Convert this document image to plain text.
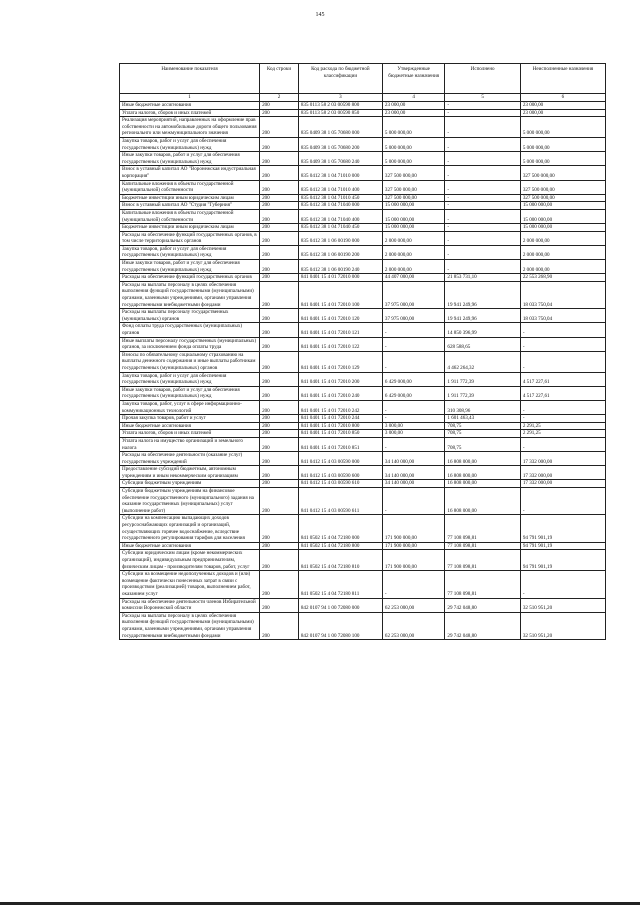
145
Наименование показателя	Код строки	Код расхода по бюджетной классификации	Утвержденные бюджетные назначения	Исполнено	Неисполненные назначения
1	2	3	4	5	6
Иные бюджетные ассигнования	200	835 0113 58 2 03 00590 800	23 000,00	-	23 000,00
Уплата налогов, сборов и иных платежей	200	835 0113 58 2 03 00590 850	23 000,00	-	23 000,00
Реализация мероприятий, направленных на оформление прав собственности на автомобильные дороги общего пользования региональнго или межмуниципального значения	200	835 0409 38 1 05 70680 000	5 000 000,00	-	5 000 000,00
Закупка товаров, работ и услуг для обеспечения государственных (муниципальных) нужд	200	835 0409 38 1 05 70680 200	5 000 000,00	-	5 000 000,00
Иные закупки товаров, работ и услуг для обеспечения государственных (муниципальных) нужд	200	835 0409 38 1 05 70680 240	5 000 000,00	-	5 000 000,00
Взнос в уставный капитал АО "Воронежская индустриальная корпорация"	200	835 0412 38 1 04 71010 000	327 500 000,00	-	327 500 000,00
Капитальные вложения в объекты государственной (муниципальной) собственности	200	835 0412 38 1 04 71010 400	327 500 000,00	-	327 500 000,00
Бюджетные инвестиции иным юридическим лицам	200	835 0412 38 1 04 71010 450	327 500 000,00	-	327 500 000,00
Взнос в уставный капитал АО "Студия "Губерния"	200	835 0412 38 1 04 71040 000	15 000 000,00	-	15 000 000,00
Капитальные вложения в объекты государственной (муниципальной) собственности	200	835 0412 38 1 04 71040 400	15 000 000,00	-	15 000 000,00
Бюджетные инвестиции иным юридическим лицам	200	835 0412 38 1 04 71040 450	15 000 000,00	-	15 000 000,00
Расходы на обеспечение функций государственных органов, в том числе территориальных органов	200	835 0412 38 1 06 00190 000	2 000 000,00	-	2 000 000,00
Закупка товаров, работ и услуг для обеспечения государственных (муниципальных) нужд	200	835 0412 38 1 06 00190 200	2 000 000,00	-	2 000 000,00
Иные закупки товаров, работ и услуг для обеспечения государственных (муниципальных) нужд	200	835 0412 38 1 06 00190 240	2 000 000,00	-	2 000 000,00
Расходы на обеспечение функций государственных органов	200	841 0401 15 4 01 72010 000	44 407 000,00	21 853 731,10	22 553 268,90
Расходы на выплаты персоналу в целях обеспечения выполнения функций государственными (муниципальными) органами, казенными учреждениями, органами управления государственными внебюджетными фондами	200	841 0401 15 4 01 72010 100	37 975 000,00	19 941 249,96	18 033 750,04
Расходы на выплаты персоналу государственных (муниципальных) органов	200	841 0401 15 4 01 72010 120	37 975 000,00	19 941 249,96	18 033 750,04
Фонд оплаты труда государственных (муниципальных) органов	200	841 0401 15 4 01 72010 121	-	14 850 396,99	-
Иные выплаты персоналу государственных (муниципальных) органов, за исключением фонда оплаты труда	200	841 0401 15 4 01 72010 122	-	628 588,65	-
Взносы по обязательному социальному страхованию на выплаты денежного содержания и иные выплаты работникам государственных (муниципальных) органов	200	841 0401 15 4 01 72010 129	-	4 462 264,32	-
Закупка товаров, работ и услуг для обеспечения государственных (муниципальных) нужд	200	841 0401 15 4 01 72010 200	6 429 000,00	1 911 772,39	4 517 227,61
Иные закупки товаров, работ и услуг для обеспечения государственных (муниципальных) нужд	200	841 0401 15 4 01 72010 240	6 429 000,00	1 911 772,39	4 517 227,61
Закупка товаров, работ, услуг в сфере информационно-коммуникационных технологий	200	841 0401 15 4 01 72010 242	-	310 308,96	-
Прочая закупка товаров, работ и услуг	200	841 0401 15 4 01 72010 244	-	1 601 463,43	-
Иные бюджетные ассигнования	200	841 0401 15 4 01 72010 800	3 000,00	708,75	2 291,25
Уплата налогов, сборов и иных платежей	200	841 0401 15 4 01 72010 850	3 000,00	708,75	2 291,25
Уплата налога на имущество организаций и земельного налога	200	841 0401 15 4 01 72010 851	-	708,75	-
Расходы на обеспечение деятельности (оказание услуг) государственных учреждений	200	841 0412 15 4 03 00590 000	34 140 000,00	16 808 000,00	17 332 000,00
Предоставление субсидий бюджетным, автономным учреждениям и иным некоммерческим организациям	200	841 0412 15 4 03 00590 600	34 140 000,00	16 808 000,00	17 332 000,00
Субсидии бюджетным учреждениям	200	841 0412 15 4 03 00590 610	34 140 000,00	16 808 000,00	17 332 000,00
Субсидии бюджетным учреждениям на финансовое обеспечение государственного (муниципального) задания на оказание государственных (муниципальных) услуг (выполнение работ)	200	841 0412 15 4 03 00590 611	-	16 808 000,00	-
Субсидии на компенсацию выпадающих доходов ресурсоснабжающих организаций и организаций, осуществляющих горячее водоснабжение, вследствие государственного регулирования тарифов для населения	200	841 0502 15 4 04 72180 000	171 900 000,00	77 108 098,81	94 791 901,19
Иные бюджетные ассигнования	200	841 0502 15 4 04 72180 800	171 900 000,00	77 108 098,81	94 791 901,19
Субсидии юридическим лицам (кроме некоммерческих организаций), индивидуальным предпринимателям, физическим лицам - производителям товаров, работ, услуг	200	841 0502 15 4 04 72180 810	171 900 000,00	77 108 098,81	94 791 901,19
Субсидии на возмещение недополученных доходов и (или) возмещение фактически понесенных затрат в связи с производством (реализацией) товаров, выполнением работ, оказанием услуг	200	841 0502 15 4 04 72180 811	-	77 108 098,81	-
Расходы на обеспечение деятельности членов Избирательной комиссии Воронежской области	200	842 0107 94 1 00 72080 000	62 253 000,00	29 742 048,80	32 510 951,20
Расходы на выплаты персоналу в целях обеспечения выполнения функций государственными (муниципальными) органами, казенными учреждениями, органами управления государственными внебюджетными фондами	200	842 0107 94 1 00 72080 100	62 253 000,00	29 742 048,80	32 510 951,20
